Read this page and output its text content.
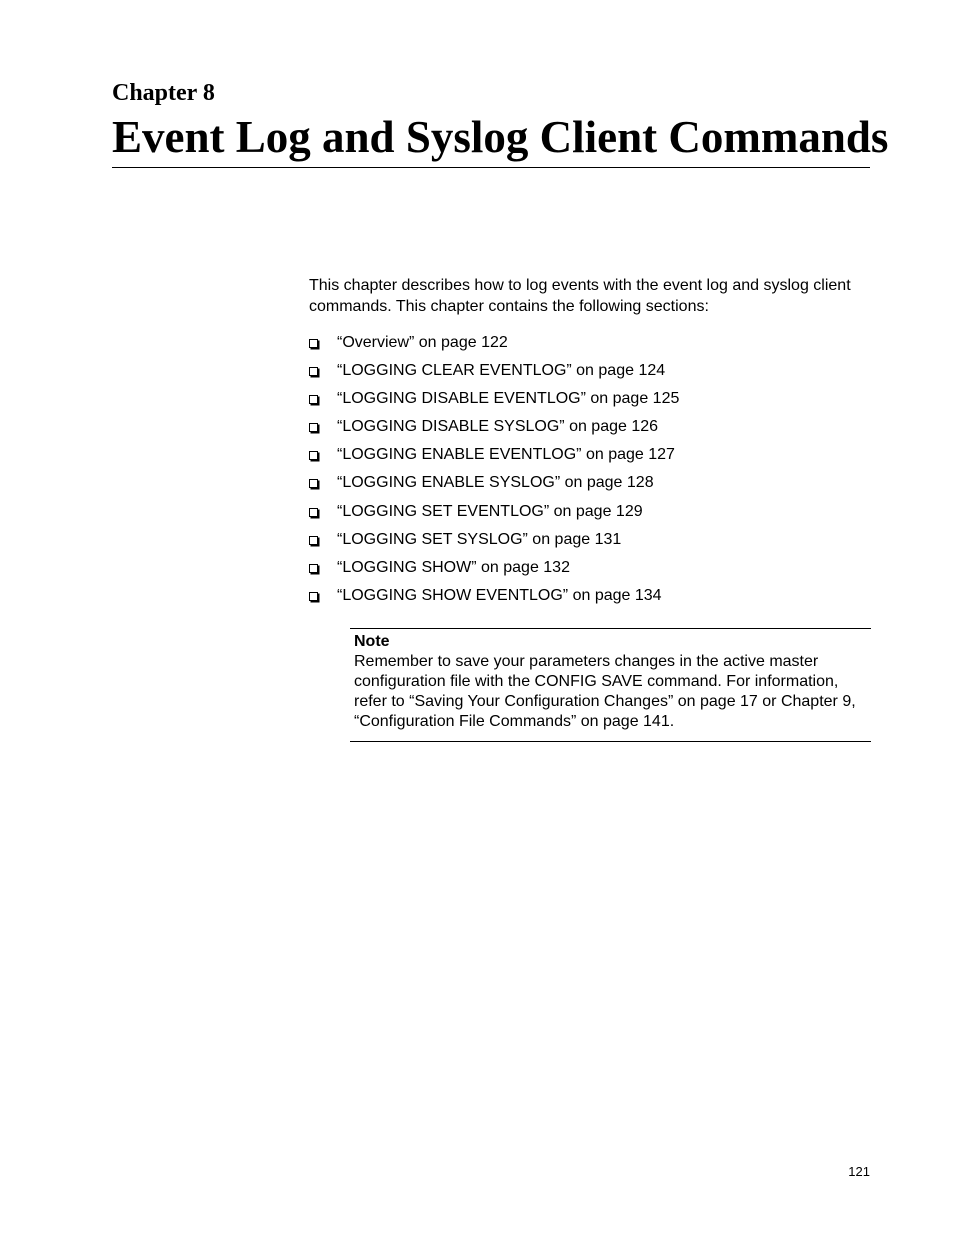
Chapter 8
Event Log and Syslog Client Commands

This chapter describes how to log events with the event log and syslog client commands. This chapter contains the following sections:

“Overview” on page 122
“LOGGING CLEAR EVENTLOG” on page 124
“LOGGING DISABLE EVENTLOG” on page 125
“LOGGING DISABLE SYSLOG” on page 126
“LOGGING ENABLE EVENTLOG” on page 127
“LOGGING ENABLE SYSLOG” on page 128
“LOGGING SET EVENTLOG” on page 129
“LOGGING SET SYSLOG” on page 131
“LOGGING SHOW” on page 132
“LOGGING SHOW EVENTLOG” on page 134

Note

Remember to save your parameters changes in the active master configuration file with the CONFIG SAVE command. For information, refer to “Saving Your Configuration Changes” on page 17 or Chapter 9, “Configuration File Commands” on page 141.

121
